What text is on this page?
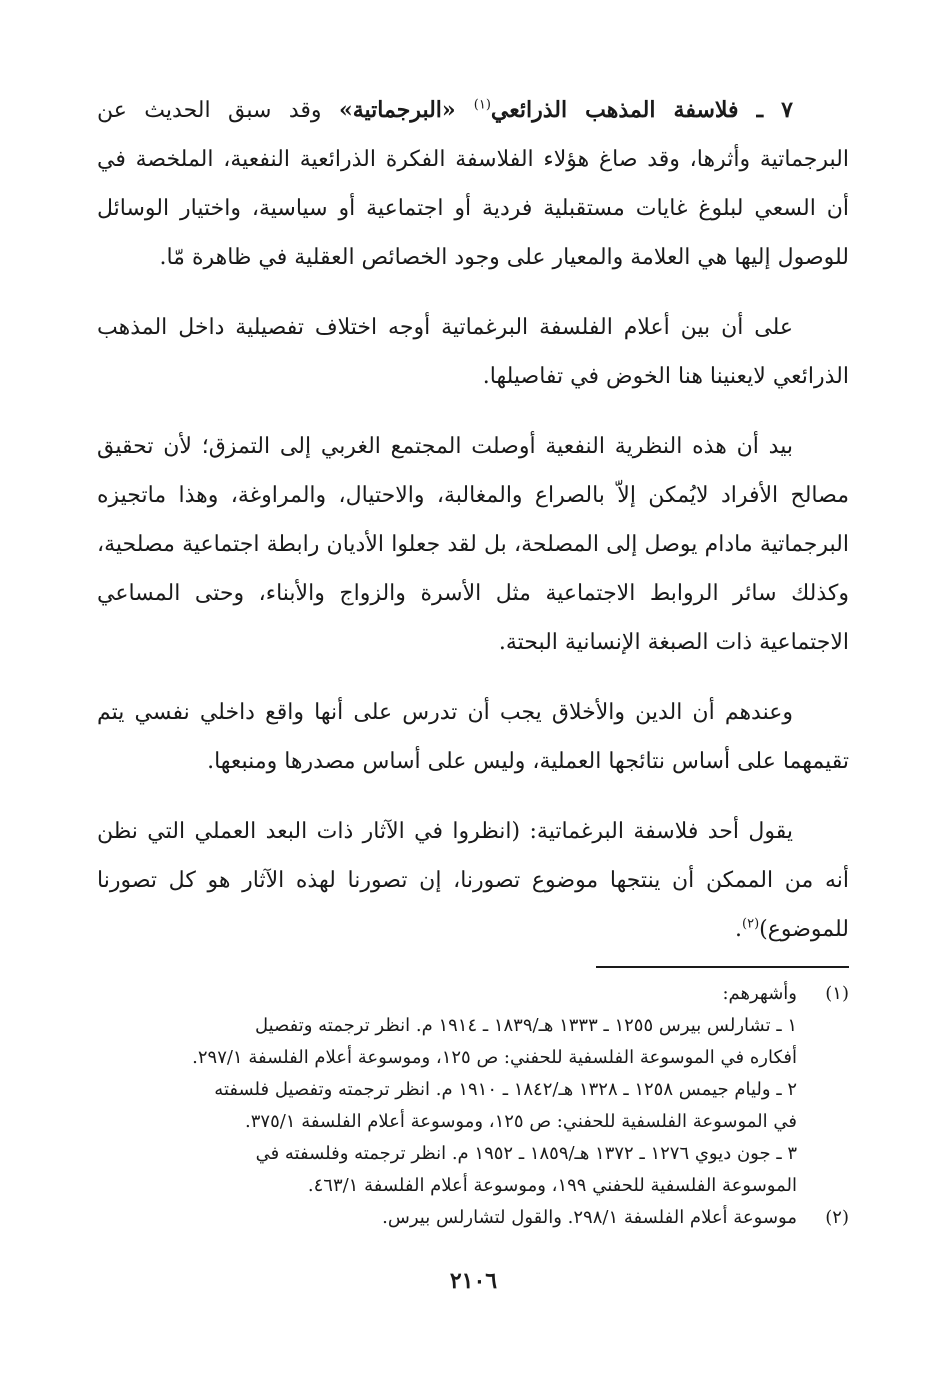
٧ ـ فلاسفة المذهب الذرائعي$^{(١)}$ «البرجماتية» وقد سبق الحديث عن البرجماتية وأثرها، وقد صاغ هؤلاء الفلاسفة الفكرة الذرائعية النفعية، الملخصة في أن السعي لبلوغ غايات مستقبلية فردية أو اجتماعية أو سياسية، واختيار الوسائل للوصول إليها هي العلامة والمعيار على وجود الخصائص العقلية في ظاهرة مّا.

على أن بين أعلام الفلسفة البرغماتية أوجه اختلاف تفصيلية داخل المذهب الذرائعي لايعنينا هنا الخوض في تفاصيلها.

بيد أن هذه النظرية النفعية أوصلت المجتمع الغربي إلى التمزق؛ لأن تحقيق مصالح الأفراد لايُمكن إلاّ بالصراع والمغالبة، والاحتيال، والمراوغة، وهذا ماتجيزه البرجماتية مادام يوصل إلى المصلحة، بل لقد جعلوا الأديان رابطة اجتماعية مصلحية، وكذلك سائر الروابط الاجتماعية مثل الأسرة والزواج والأبناء، وحتى المساعي الاجتماعية ذات الصبغة الإنسانية البحتة.

وعندهم أن الدين والأخلاق يجب أن تدرس على أنها واقع داخلي نفسي يتم تقيمهما على أساس نتائجها العملية، وليس على أساس مصدرها ومنبعها.

يقول أحد فلاسفة البرغماتية: (انظروا في الآثار ذات البعد العملي التي نظن أنه من الممكن أن ينتجها موضوع تصورنا، إن تصورنا لهذه الآثار هو كل تصورنا للموضوع)$^{(٢)}$.

(١)

وأشهرهم:

١ ـ تشارلس بيرس ١٢٥٥ ـ ١٣٣٣ هـ/١٨٣٩ ـ ١٩١٤ م. انظر ترجمته وتفصيل

أفكاره في الموسوعة الفلسفية للحفني: ص ١٢٥، وموسوعة أعلام الفلسفة ٢٩٧/١.

٢ ـ وليام جيمس ١٢٥٨ ـ ١٣٢٨ هـ/١٨٤٢ ـ ١٩١٠ م. انظر ترجمته وتفصيل فلسفته

في الموسوعة الفلسفية للحفني: ص ١٢٥، وموسوعة أعلام الفلسفة ٣٧٥/١.

٣ ـ جون ديوي ١٢٧٦ ـ ١٣٧٢ هـ/١٨٥٩ ـ ١٩٥٢ م. انظر ترجمته وفلسفته في

الموسوعة الفلسفية للحفني ١٩٩، وموسوعة أعلام الفلسفة ٤٦٣/١.

(٢)

موسوعة أعلام الفلسفة ٢٩٨/١. والقول لتشارلس بيرس.

٢١٠٦
